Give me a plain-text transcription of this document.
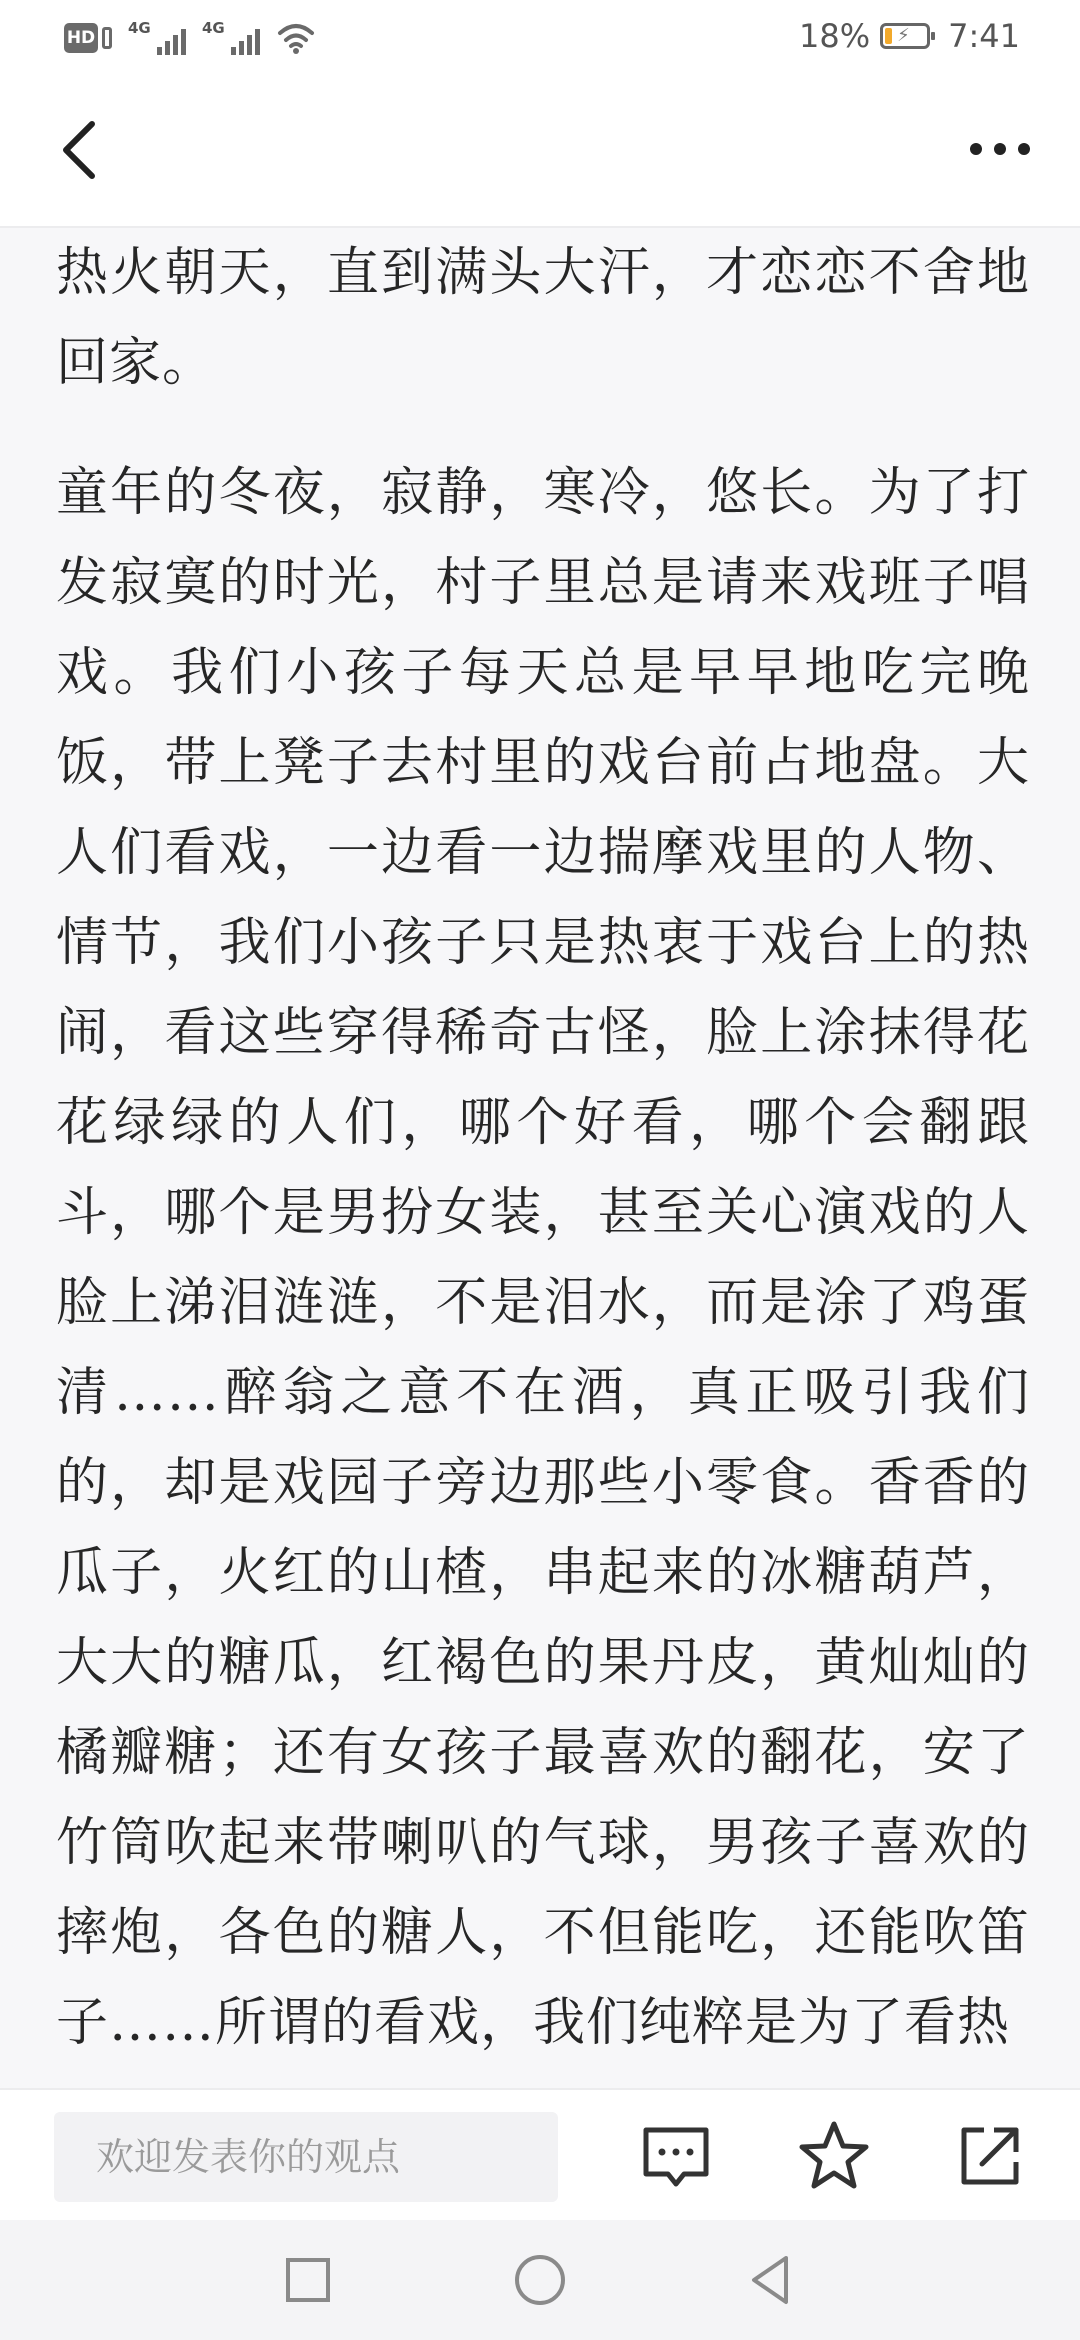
HD 4G	4G	18% ⚡ 7:41

热火朝天，直到满头大汗，才恋恋不舍地回家。

童年的冬夜，寂静，寒冷，悠长。为了打发寂寞的时光，村子里总是请来戏班子唱戏。我们小孩子每天总是早早地吃完晚饭，带上凳子去村里的戏台前占地盘。大人们看戏，一边看一边揣摩戏里的人物、情节，我们小孩子只是热衷于戏台上的热闹，看这些穿得稀奇古怪，脸上涂抹得花花绿绿的人们，哪个好看，哪个会翻跟斗，哪个是男扮女装，甚至关心演戏的人脸上涕泪涟涟，不是泪水，而是涂了鸡蛋清……醉翁之意不在酒，真正吸引我们的，却是戏园子旁边那些小零食。香香的瓜子，火红的山楂，串起来的冰糖葫芦，大大的糖瓜，红褐色的果丹皮，黄灿灿的橘瓣糖；还有女孩子最喜欢的翻花，安了竹筒吹起来带喇叭的气球，男孩子喜欢的摔炮，各色的糖人，不但能吃，还能吹笛子……所谓的看戏，我们纯粹是为了看热

欢迎发表你的观点
